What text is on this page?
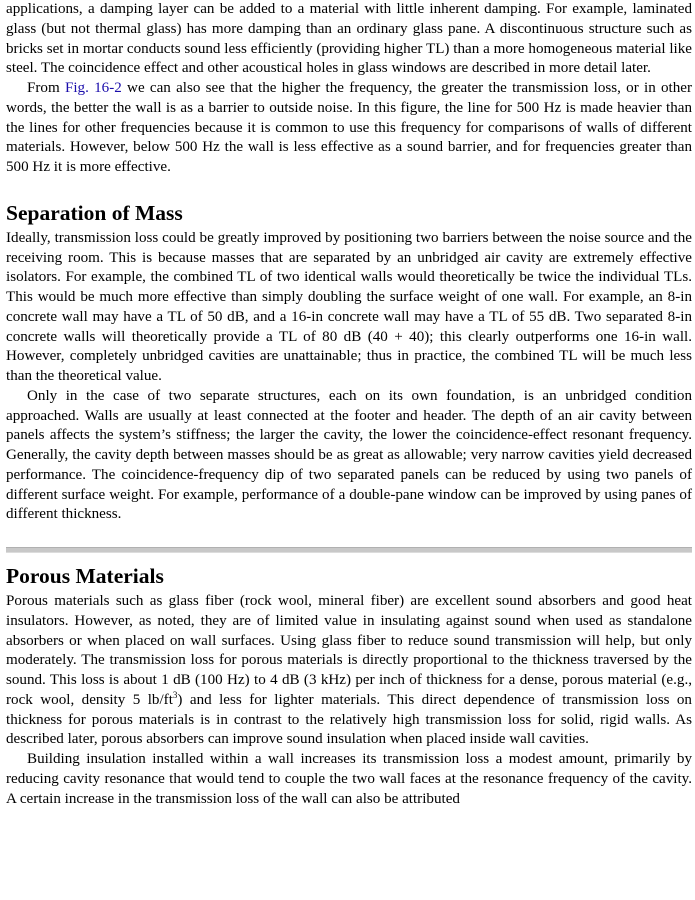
applications, a damping layer can be added to a material with little inherent damping. For example, laminated glass (but not thermal glass) has more damping than an ordinary glass pane. A discontinuous structure such as bricks set in mortar conducts sound less efficiently (providing higher TL) than a more homogeneous material like steel. The coincidence effect and other acoustical holes in glass windows are described in more detail later.

From Fig. 16-2 we can also see that the higher the frequency, the greater the transmission loss, or in other words, the better the wall is as a barrier to outside noise. In this figure, the line for 500 Hz is made heavier than the lines for other frequencies because it is common to use this frequency for comparisons of walls of different materials. However, below 500 Hz the wall is less effective as a sound barrier, and for frequencies greater than 500 Hz it is more effective.

Separation of Mass

Ideally, transmission loss could be greatly improved by positioning two barriers between the noise source and the receiving room. This is because masses that are separated by an unbridged air cavity are extremely effective isolators. For example, the combined TL of two identical walls would theoretically be twice the individual TLs. This would be much more effective than simply doubling the surface weight of one wall. For example, an 8-in concrete wall may have a TL of 50 dB, and a 16-in concrete wall may have a TL of 55 dB. Two separated 8-in concrete walls will theoretically provide a TL of 80 dB (40 + 40); this clearly outperforms one 16-in wall. However, completely unbridged cavities are unattainable; thus in practice, the combined TL will be much less than the theoretical value.

Only in the case of two separate structures, each on its own foundation, is an unbridged condition approached. Walls are usually at least connected at the footer and header. The depth of an air cavity between panels affects the system’s stiffness; the larger the cavity, the lower the coincidence-effect resonant frequency. Generally, the cavity depth between masses should be as great as allowable; very narrow cavities yield decreased performance. The coincidence-frequency dip of two separated panels can be reduced by using two panels of different surface weight. For example, performance of a double-pane window can be improved by using panes of different thickness.

Porous Materials

Porous materials such as glass fiber (rock wool, mineral fiber) are excellent sound absorbers and good heat insulators. However, as noted, they are of limited value in insulating against sound when used as standalone absorbers or when placed on wall surfaces. Using glass fiber to reduce sound transmission will help, but only moderately. The transmission loss for porous materials is directly proportional to the thickness traversed by the sound. This loss is about 1 dB (100 Hz) to 4 dB (3 kHz) per inch of thickness for a dense, porous material (e.g., rock wool, density 5 $lb/ft^3$) and less for lighter materials. This direct dependence of transmission loss on thickness for porous materials is in contrast to the relatively high transmission loss for solid, rigid walls. As described later, porous absorbers can improve sound insulation when placed inside wall cavities.

Building insulation installed within a wall increases its transmission loss a modest amount, primarily by reducing cavity resonance that would tend to couple the two wall faces at the resonance frequency of the cavity. A certain increase in the transmission loss of the wall can also be attributed
